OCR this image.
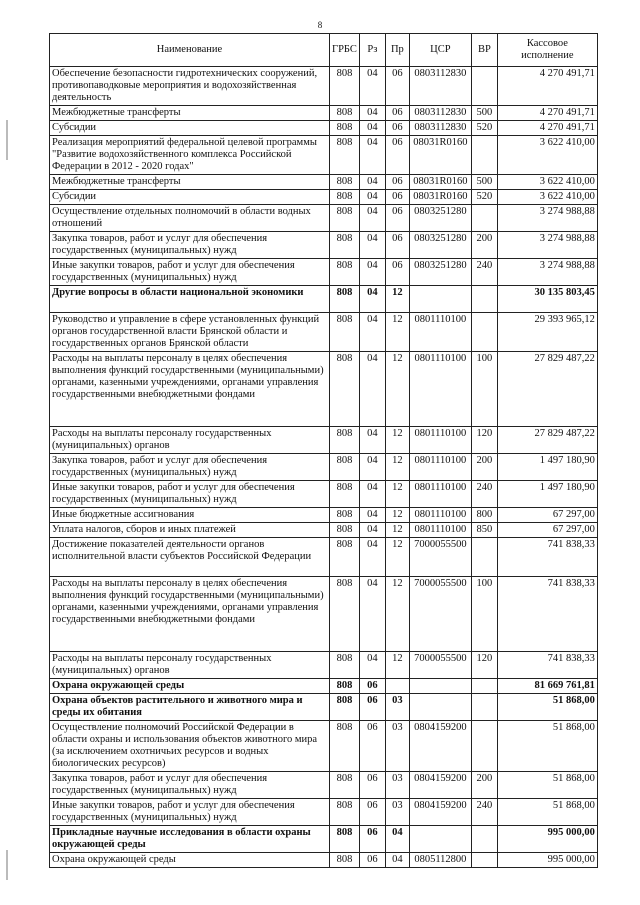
8
Наименование	ГРБС	Рз	Пр	ЦСР	ВР	Кассовое исполнение
Обеспечение безопасности гидротехнических сооружений, противопаводковые мероприятия и водохозяйственная деятельность	808	04	06	0803112830		4 270 491,71
Межбюджетные трансферты	808	04	06	0803112830	500	4 270 491,71
Субсидии	808	04	06	0803112830	520	4 270 491,71
Реализация мероприятий федеральной целевой программы "Развитие водохозяйственного комплекса Российской Федерации в 2012 - 2020 годах"	808	04	06	08031R0160		3 622 410,00
Межбюджетные трансферты	808	04	06	08031R0160	500	3 622 410,00
Субсидии	808	04	06	08031R0160	520	3 622 410,00
Осуществление отдельных полномочий в области водных отношений	808	04	06	0803251280		3 274 988,88
Закупка товаров, работ и услуг для обеспечения государственных (муниципальных) нужд	808	04	06	0803251280	200	3 274 988,88
Иные закупки товаров, работ и услуг для обеспечения государственных (муниципальных) нужд	808	04	06	0803251280	240	3 274 988,88
Другие вопросы в области национальной экономики	808	04	12			30 135 803,45
Руководство и управление в сфере установленных функций органов государственной власти Брянской области и государственных органов Брянской области	808	04	12	0801110100		29 393 965,12
Расходы на выплаты персоналу в целях обеспечения выполнения функций государственными (муниципальными) органами, казенными учреждениями, органами управления государственными внебюджетными фондами	808	04	12	0801110100	100	27 829 487,22
Расходы на выплаты персоналу государственных (муниципальных) органов	808	04	12	0801110100	120	27 829 487,22
Закупка товаров, работ и услуг для обеспечения государственных (муниципальных) нужд	808	04	12	0801110100	200	1 497 180,90
Иные закупки товаров, работ и услуг для обеспечения государственных (муниципальных) нужд	808	04	12	0801110100	240	1 497 180,90
Иные бюджетные ассигнования	808	04	12	0801110100	800	67 297,00
Уплата налогов, сборов и иных платежей	808	04	12	0801110100	850	67 297,00
Достижение показателей деятельности органов исполнительной власти субъектов Российской Федерации	808	04	12	7000055500		741 838,33
Расходы на выплаты персоналу в целях обеспечения выполнения функций государственными (муниципальными) органами, казенными учреждениями, органами управления государственными внебюджетными фондами	808	04	12	7000055500	100	741 838,33
Расходы на выплаты персоналу государственных (муниципальных) органов	808	04	12	7000055500	120	741 838,33
Охрана окружающей среды	808	06				81 669 761,81
Охрана объектов растительного и животного мира и среды их обитания	808	06	03			51 868,00
Осуществление полномочий Российской Федерации в области охраны и использования объектов животного мира (за исключением охотничьих ресурсов и водных биологических ресурсов)	808	06	03	0804159200		51 868,00
Закупка товаров, работ и услуг для обеспечения государственных (муниципальных) нужд	808	06	03	0804159200	200	51 868,00
Иные закупки товаров, работ и услуг для обеспечения государственных (муниципальных) нужд	808	06	03	0804159200	240	51 868,00
Прикладные научные исследования в области охраны окружающей среды	808	06	04			995 000,00
Охрана окружающей среды	808	06	04	0805112800		995 000,00
